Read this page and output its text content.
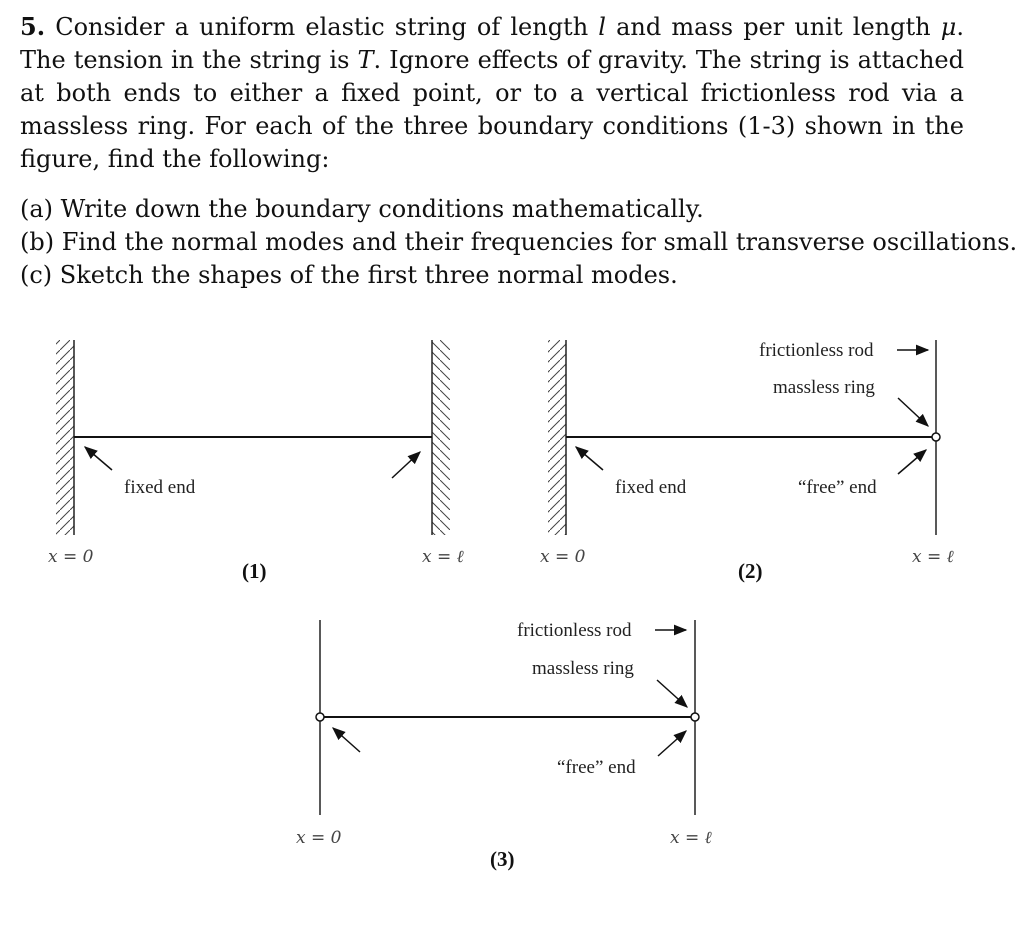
5. Consider a uniform elastic string of length l and mass per unit length μ. The tension in the string is T. Ignore effects of gravity. The string is attached at both ends to either a fixed point, or to a vertical frictionless rod via a massless ring. For each of the three boundary conditions (1-3) shown in the figure, find the following:
(a) Write down the boundary conditions mathematically.
(b) Find the normal modes and their frequencies for small transverse oscillations.
(c) Sketch the shapes of the first three normal modes.
fixed end
x = 0	x = ℓ
(1)
fixed end
frictionless rod
massless ring
“free” end
x = 0	x = ℓ
(2)
frictionless rod
massless ring
“free” end
x = 0	x = ℓ
(3)
